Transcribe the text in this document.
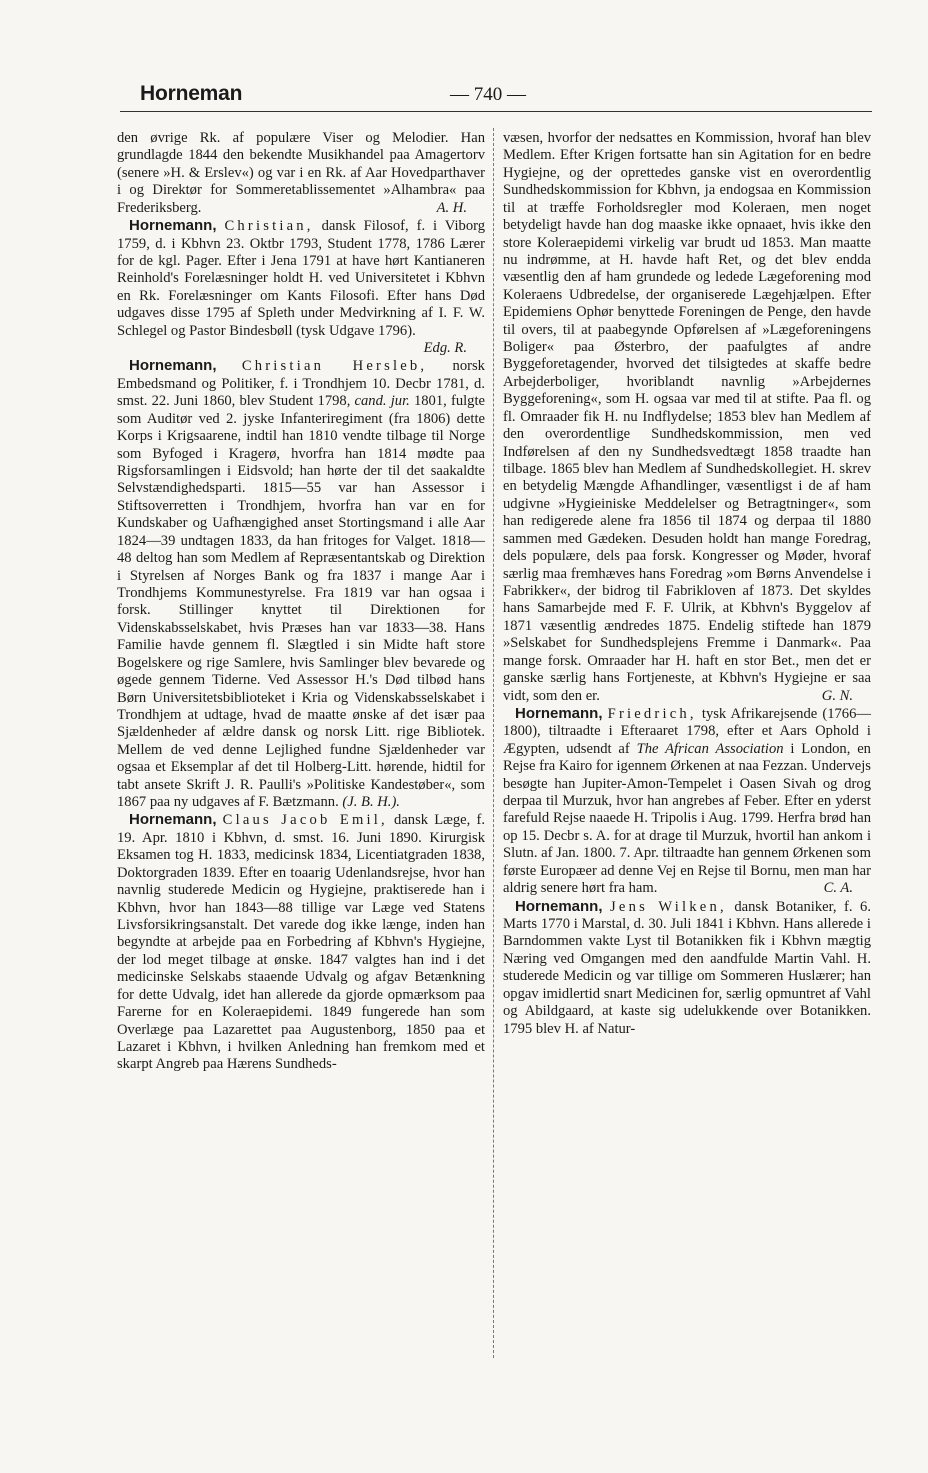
Horneman	— 740 —

den øvrige Rk. af populære Viser og Melodier. Han grundlagde 1844 den bekendte Musikhandel paa Amagertorv (senere »H. & Erslev«) og var i en Rk. af Aar Hovedparthaver i og Direktør for Sommeretablissementet »Alhambra« paa Frederiksberg.	A. H.

Hornemann, Christian, dansk Filosof, f. i Viborg 1759, d. i Kbhvn 23. Oktbr 1793, Student 1778, 1786 Lærer for de kgl. Pager. Efter i Jena 1791 at have hørt Kantianeren Reinhold's Forelæsninger holdt H. ved Universitetet i Kbhvn en Rk. Forelæsninger om Kants Filosofi. Efter hans Død udgaves disse 1795 af Spleth under Medvirkning af I. F. W. Schlegel og Pastor Bindesbøll (tysk Udgave 1796).
Edg. R.

Hornemann, Christian Hersleb, norsk Embedsmand og Politiker, f. i Trondhjem 10. Decbr 1781, d. smst. 22. Juni 1860, blev Student 1798, cand. jur. 1801, fulgte som Auditør ved 2. jyske Infanteriregiment (fra 1806) dette Korps i Krigsaarene, indtil han 1810 vendte tilbage til Norge som Byfoged i Kragerø, hvorfra han 1814 mødte paa Rigsforsamlingen i Eidsvold; han hørte der til det saakaldte Selvstændighedsparti. 1815—55 var han Assessor i Stiftsoverretten i Trondhjem, hvorfra han var en for Kundskaber og Uafhængighed anset Stortingsmand i alle Aar 1824—39 undtagen 1833, da han fritoges for Valget. 1818—48 deltog han som Medlem af Repræsentantskab og Direktion i Styrelsen af Norges Bank og fra 1837 i mange Aar i Trondhjems Kommunestyrelse. Fra 1819 var han ogsaa i forsk. Stillinger knyttet til Direktionen for Videnskabsselskabet, hvis Præses han var 1833—38. Hans Familie havde gennem fl. Slægtled i sin Midte haft store Bogelskere og rige Samlere, hvis Samlinger blev bevarede og øgede gennem Tiderne. Ved Assessor H.'s Død tilbød hans Børn Universitetsbiblioteket i Kria og Videnskabsselskabet i Trondhjem at udtage, hvad de maatte ønske af det især paa Sjældenheder af ældre dansk og norsk Litt. rige Bibliotek. Mellem de ved denne Lejlighed fundne Sjældenheder var ogsaa et Eksemplar af det til Holberg-Litt. hørende, hidtil for tabt ansete Skrift J. R. Paulli's »Politiske Kandestøber«, som 1867 paa ny udgaves af F. Bætzmann. (J. B. H.).

Hornemann, Claus Jacob Emil, dansk Læge, f. 19. Apr. 1810 i Kbhvn, d. smst. 16. Juni 1890. Kirurgisk Eksamen tog H. 1833, medicinsk 1834, Licentiatgraden 1838, Doktorgraden 1839. Efter en toaarig Udenlandsrejse, hvor han navnlig studerede Medicin og Hygiejne, praktiserede han i Kbhvn, hvor han 1843—88 tillige var Læge ved Statens Livsforsikringsanstalt. Det varede dog ikke længe, inden han begyndte at arbejde paa en Forbedring af Kbhvn's Hygiejne, der lod meget tilbage at ønske. 1847 valgtes han ind i det medicinske Selskabs staaende Udvalg og afgav Betænkning for dette Udvalg, idet han allerede da gjorde opmærksom paa Farerne for en Koleraepidemi. 1849 fungerede han som Overlæge paa Lazarettet paa Augustenborg, 1850 paa et Lazaret i Kbhvn, i hvilken Anledning han fremkom med et skarpt Angreb paa Hærens Sundheds-

væsen, hvorfor der nedsattes en Kommission, hvoraf han blev Medlem. Efter Krigen fortsatte han sin Agitation for en bedre Hygiejne, og der oprettedes ganske vist en overordentlig Sundhedskommission for Kbhvn, ja endogsaa en Kommission til at træffe Forholdsregler mod Koleraen, men noget betydeligt havde han dog maaske ikke opnaaet, hvis ikke den store Koleraepidemi virkelig var brudt ud 1853. Man maatte nu indrømme, at H. havde haft Ret, og det blev endda væsentlig den af ham grundede og ledede Lægeforening mod Koleraens Udbredelse, der organiserede Lægehjælpen. Efter Epidemiens Ophør benyttede Foreningen de Penge, den havde til overs, til at paabegynde Opførelsen af »Lægeforeningens Boliger« paa Østerbro, der paafulgtes af andre Byggeforetagender, hvorved det tilsigtedes at skaffe bedre Arbejderboliger, hvoriblandt navnlig »Arbejdernes Byggeforening«, som H. ogsaa var med til at stifte. Paa fl. og fl. Omraader fik H. nu Indflydelse; 1853 blev han Medlem af den overordentlige Sundhedskommission, men ved Indførelsen af den ny Sundhedsvedtægt 1858 traadte han tilbage. 1865 blev han Medlem af Sundhedskollegiet. H. skrev en betydelig Mængde Afhandlinger, væsentligst i de af ham udgivne »Hygieiniske Meddelelser og Betragtninger«, som han redigerede alene fra 1856 til 1874 og derpaa til 1880 sammen med Gædeken. Desuden holdt han mange Foredrag, dels populære, dels paa forsk. Kongresser og Møder, hvoraf særlig maa fremhæves hans Foredrag »om Børns Anvendelse i Fabrikker«, der bidrog til Fabrikloven af 1873. Det skyldes hans Samarbejde med F. F. Ulrik, at Kbhvn's Byggelov af 1871 væsentlig ændredes 1875. Endelig stiftede han 1879 »Selskabet for Sundhedsplejens Fremme i Danmark«. Paa mange forsk. Omraader har H. haft en stor Bet., men det er ganske særlig hans Fortjeneste, at Kbhvn's Hygiejne er saa vidt, som den er.	G. N.

Hornemann, Friedrich, tysk Afrikarejsende (1766—1800), tiltraadte i Efteraaret 1798, efter et Aars Ophold i Ægypten, udsendt af The African Association i London, en Rejse fra Kairo for igennem Ørkenen at naa Fezzan. Undervejs besøgte han Jupiter-Amon-Tempelet i Oasen Sivah og drog derpaa til Murzuk, hvor han angrebes af Feber. Efter en yderst farefuld Rejse naaede H. Tripolis i Aug. 1799. Herfra brød han op 15. Decbr s. A. for at drage til Murzuk, hvortil han ankom i Slutn. af Jan. 1800. 7. Apr. tiltraadte han gennem Ørkenen som første Europæer ad denne Vej en Rejse til Bornu, men man har aldrig senere hørt fra ham.	C. A.

Hornemann, Jens Wilken, dansk Botaniker, f. 6. Marts 1770 i Marstal, d. 30. Juli 1841 i Kbhvn. Hans allerede i Barndommen vakte Lyst til Botanikken fik i Kbhvn mægtig Næring ved Omgangen med den aandfulde Martin Vahl. H. studerede Medicin og var tillige om Sommeren Huslærer; han opgav imidlertid snart Medicinen for, særlig opmuntret af Vahl og Abildgaard, at kaste sig udelukkende over Botanikken. 1795 blev H. af Natur-
